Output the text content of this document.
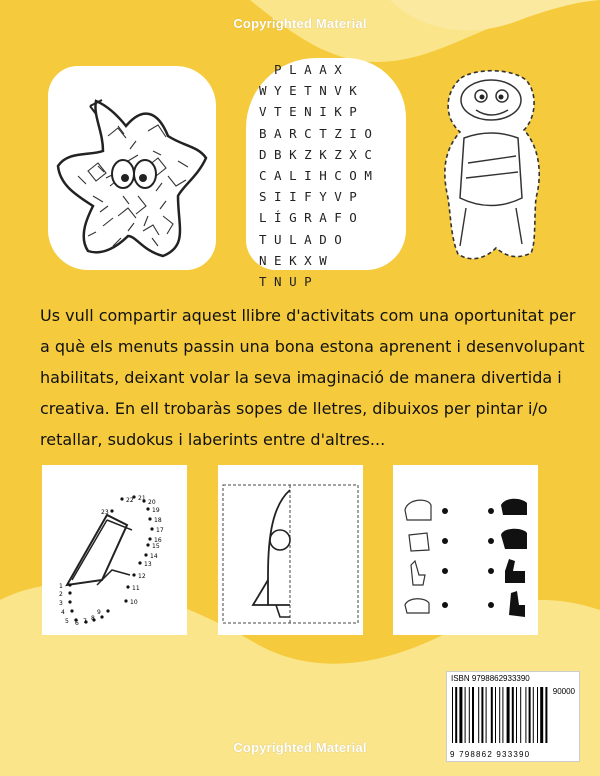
Copyrighted Material
P L A A X
W Y E T N V K
V T E N I K P
B A R C T Z I O
D B K Z K Z X C
C A L I H C O M
S I I F Y V P
L Í G R A F O
T U L A D O
N E K X W
T N U P
Us vull compartir aquest llibre d'activitats com una oportunitat per
a què els menuts passin una bona estona aprenent i desenvolupant
habilitats, deixant volar la seva imaginació de manera divertida i
creativa. En ell trobaràs sopes de lletres, dibuixos per pintar i/o
retallar, sudokus i laberints entre d'altres...
1
2
3
4
5 6 7 8
9
10
11
12
13
14
15
16
17
18
19
20
21
22
23
ISBN 9798862933390
90000
9 798862 933390
Copyrighted Material
